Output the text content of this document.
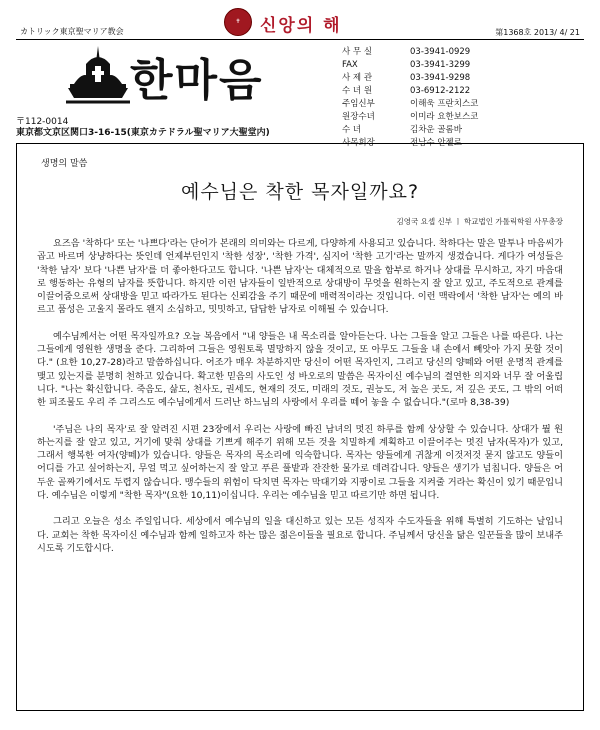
カトリック東京聖マリア教会
✝	신앙의 해	第1368호 2013/ 4/ 21
한마음
사 무 실	03-3941-0929
FAX	03-3941-3299
사 제 관	03-3941-9298
수 녀 원	03-6912-2122
주임신부	이해욱 프란치스코
원장수녀	이미라 요한보스코
수 녀	김차운 골롬바
사목회장	전남수 안젤로
〒112-0014
東京都文京区関口3-16-15(東京カテドラル聖マリア大聖堂内)
생명의 말씀
예수님은 착한 목자일까요?
김영국 요셉 신부 ㅣ 학교법인 가톨릭학원 사무총장

요즈음 '착하다' 또는 '나쁘다'라는 단어가 본래의 의미와는 다르게, 다양하게 사용되고 있습니다. 착하다는 말은 말투나 마음씨가 곱고 바르며 상냥하다는 뜻인데 언제부턴인지 '착한 성장', '착한 가격', 심지어 '착한 고기'라는 말까지 생겼습니다. 게다가 여성들은 '착한 남자' 보다 '나쁜 남자'를 더 좋아한다고도 합니다. '나쁜 남자'는 대체적으로 말을 함부로 하거나 상대를 무시하고, 자기 마음대로 행동하는 유형의 남자를 뜻합니다. 하지만 이런 남자들이 일반적으로 상대방이 무엇을 원하는지 잘 알고 있고, 주도적으로 관계를 이끌어줌으로써 상대방을 믿고 따라가도 된다는 신뢰감을 주기 때문에 매력적이라는 것입니다. 이런 맥락에서 '착한 남자'는 예의 바르고 품성은 고울지 몰라도 왠지 소심하고, 밋밋하고, 답답한 남자로 이해될 수 있습니다.

예수님께서는 어떤 목자일까요? 오늘 복음에서 "내 양들은 내 목소리를 알아듣는다. 나는 그들을 알고 그들은 나를 따른다. 나는 그들에게 영원한 생명을 준다. 그리하여 그들은 영원토록 멸망하지 않을 것이고, 또 아무도 그들을 내 손에서 빼앗아 가지 못할 것이다." (요한 10,27-28)라고 말씀하십니다. 어조가 매우 차분하지만 당신이 어떤 목자인지, 그리고 당신의 양떼와 어떤 운명적 관계를 맺고 있는지를 분명히 천하고 있습니다. 확고한 믿음의 사도인 성 바오로의 말씀은 목자이신 예수님의 결연한 의지와 너무 잘 어울립니다. "나는 확신합니다. 죽음도, 삶도, 천사도, 권세도, 현재의 것도, 미래의 것도, 권능도, 저 높은 곳도, 저 깊은 곳도, 그 밖의 어떠한 피조물도 우리 주 그리스도 예수님에게서 드러난 하느님의 사랑에서 우리를 떼어 놓을 수 없습니다."(로마 8,38-39)

'주님은 나의 목자'로 잘 알려진 시편 23장에서 우리는 사랑에 빠진 남녀의 멋진 하루를 함께 상상할 수 있습니다. 상대가 뭘 원하는지를 잘 알고 있고, 거기에 맞춰 상대를 기쁘게 해주기 위해 모든 것을 치밀하게 계획하고 이끌어주는 멋진 남자(목자)가 있고, 그래서 행복한 여자(양떼)가 있습니다. 양들은 목자의 목소리에 익숙합니다. 목자는 양들에게 귀찮게 이것저것 묻지 않고도 양들이 어디를 가고 싶어하는지, 무얼 먹고 싶어하는지 잘 알고 푸른 풀밭과 잔잔한 물가로 데려갑니다. 양들은 생기가 넘칩니다. 양들은 어두운 골짜기에서도 두렵지 않습니다. 맹수들의 위험이 닥치면 목자는 막대기와 지팡이로 그들을 지켜줄 거라는 확신이 있기 때문입니다. 예수님은 이렇게 "착한 목자"(요한 10,11)이십니다. 우리는 예수님을 믿고 따르기만 하면 됩니다.

그리고 오늘은 성소 주일입니다. 세상에서 예수님의 일을 대신하고 있는 모든 성직자 수도자들을 위해 특별히 기도하는 날입니다. 교회는 착한 목자이신 예수님과 함께 일하고자 하는 많은 젊은이들을 필요로 합니다. 주님께서 당신을 닮은 일꾼들을 많이 보내주시도록 기도합시다.
